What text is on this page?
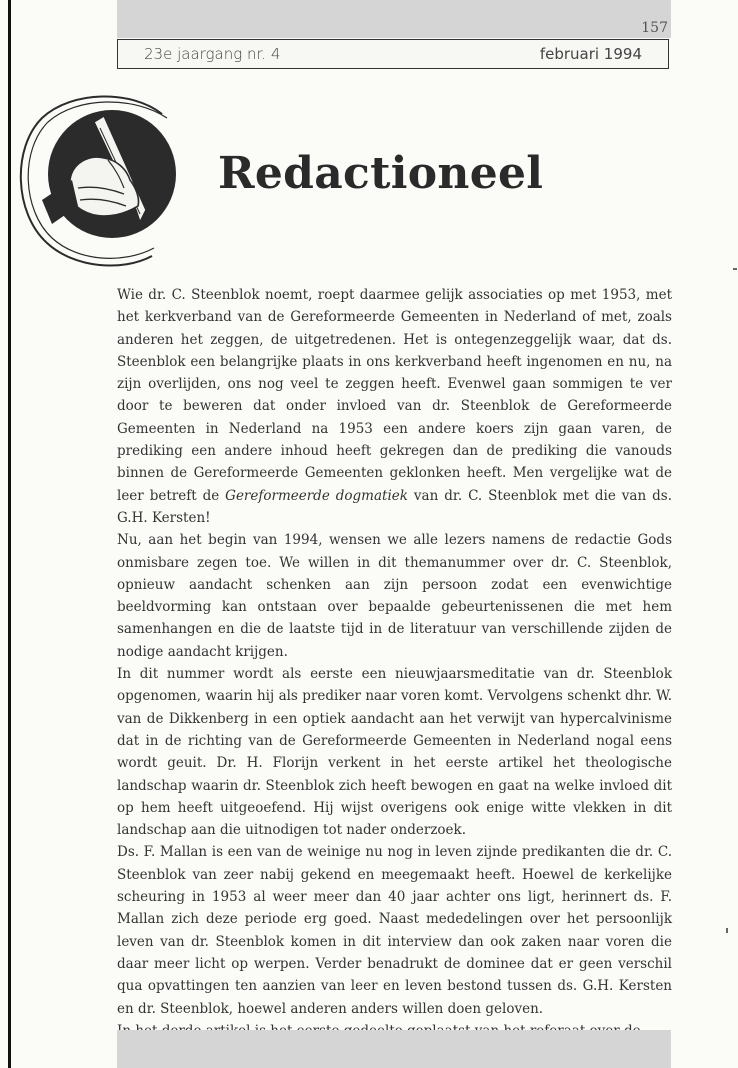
157
23e jaargang nr. 4	februari 1994
Redactioneel

Wie dr. C. Steenblok noemt, roept daarmee gelijk associaties op met 1953, met het kerkverband van de Gereformeerde Gemeenten in Nederland of met, zoals anderen het zeggen, de uitgetredenen. Het is ontegenzeggelijk waar, dat ds. Steenblok een belangrijke plaats in ons kerkverband heeft ingenomen en nu, na zijn overlijden, ons nog veel te zeggen heeft. Evenwel gaan sommigen te ver door te beweren dat onder invloed van dr. Steenblok de Gereformeerde Gemeenten in Nederland na 1953 een andere koers zijn gaan varen, de prediking een andere inhoud heeft gekregen dan de prediking die vanouds binnen de Gereformeerde Gemeenten geklonken heeft. Men vergelijke wat de leer betreft de Gereformeerde dogmatiek van dr. C. Steenblok met die van ds. G.H. Kersten!

Nu, aan het begin van 1994, wensen we alle lezers namens de redactie Gods onmisbare zegen toe. We willen in dit themanummer over dr. C. Steenblok, opnieuw aandacht schenken aan zijn persoon zodat een evenwichtige beeldvorming kan ontstaan over bepaalde gebeurtenissenen die met hem samenhangen en die de laatste tijd in de literatuur van verschillende zijden de nodige aandacht krijgen.

In dit nummer wordt als eerste een nieuwjaarsmeditatie van dr. Steenblok opgenomen, waarin hij als prediker naar voren komt. Vervolgens schenkt dhr. W. van de Dikkenberg in een optiek aandacht aan het verwijt van hypercalvinisme dat in de richting van de Gereformeerde Gemeenten in Nederland nogal eens wordt geuit. Dr. H. Florijn verkent in het eerste artikel het theologische landschap waarin dr. Steenblok zich heeft bewogen en gaat na welke invloed dit op hem heeft uitgeoefend. Hij wijst overigens ook enige witte vlekken in dit landschap aan die uitnodigen tot nader onderzoek.

Ds. F. Mallan is een van de weinige nu nog in leven zijnde predikanten die dr. C. Steenblok van zeer nabij gekend en meegemaakt heeft. Hoewel de kerkelijke scheuring in 1953 al weer meer dan 40 jaar achter ons ligt, herinnert ds. F. Mallan zich deze periode erg goed. Naast mededelingen over het persoonlijk leven van dr. Steenblok komen in dit interview dan ook zaken naar voren die daar meer licht op werpen. Verder benadrukt de dominee dat er geen verschil qua opvattingen ten aanzien van leer en leven bestond tussen ds. G.H. Kersten en dr. Steenblok, hoewel anderen anders willen doen geloven.
